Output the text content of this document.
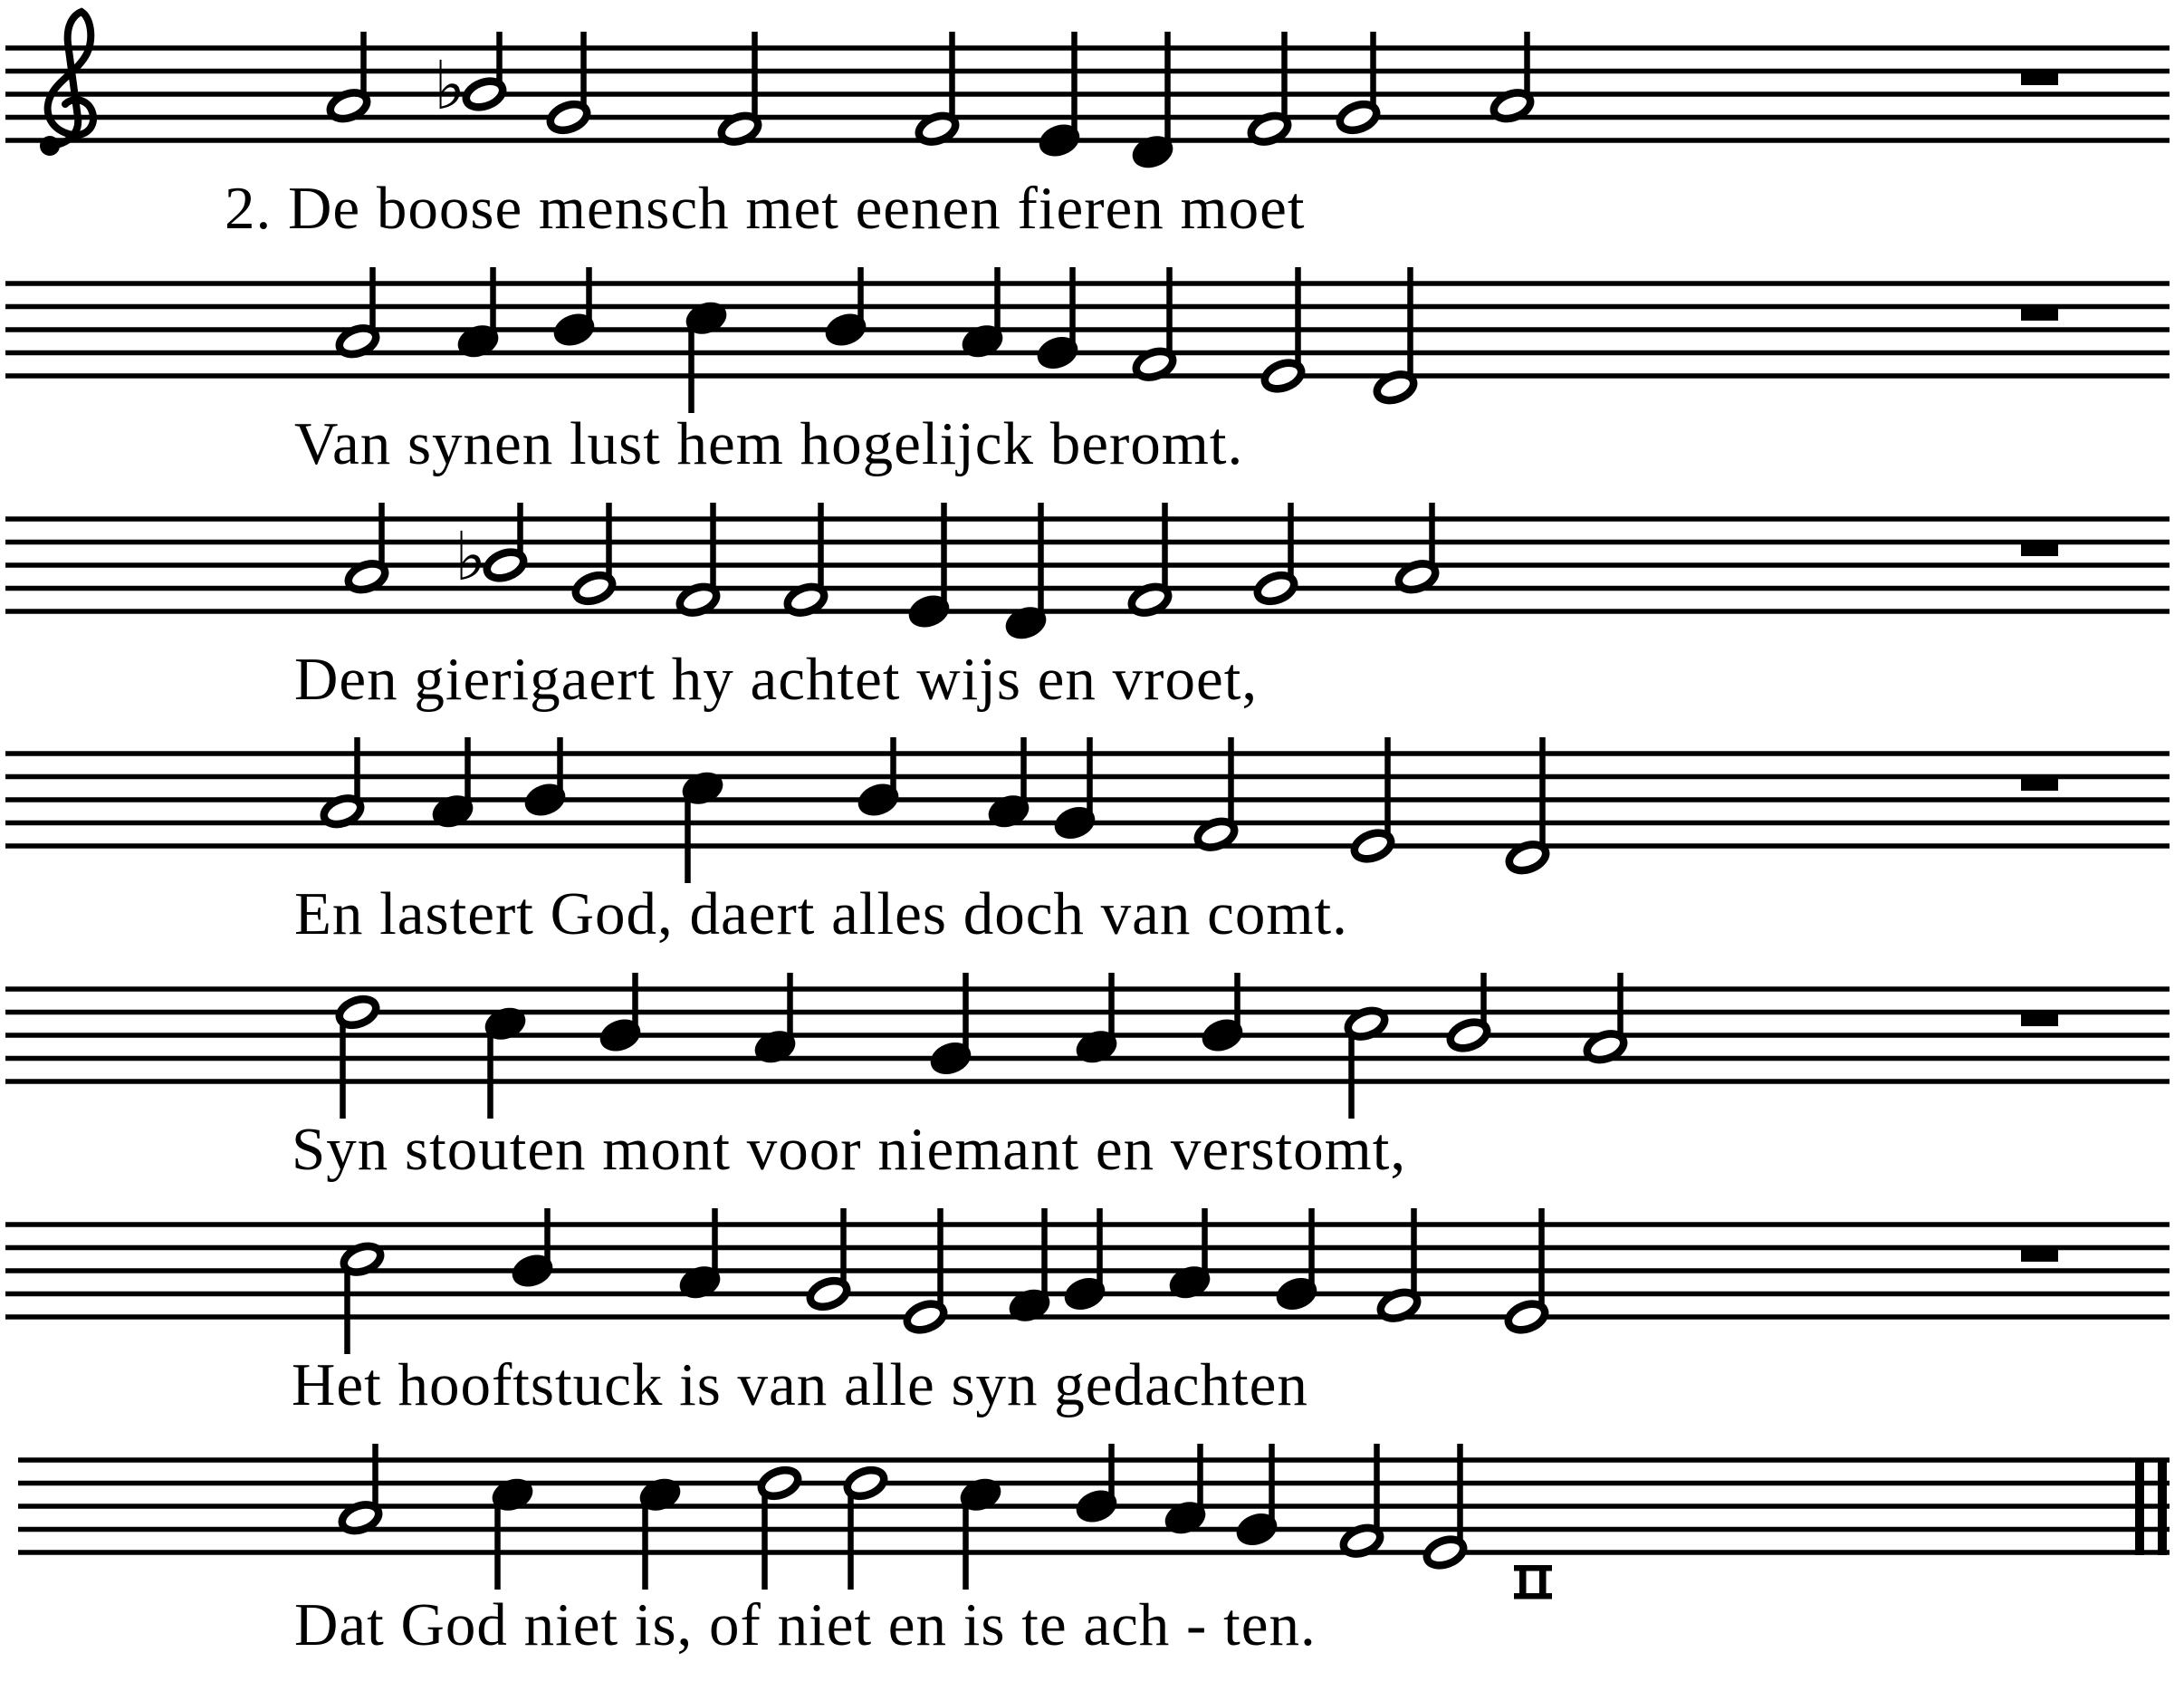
♭
♭
2. De boose mensch met eenen fieren moet
Van synen lust hem hogelijck beromt.
Den gierigaert hy achtet wijs en vroet,
En lastert God, daert alles doch van comt.
Syn stouten mont voor niemant en verstomt,
Het hooftstuck is van alle syn gedachten
Dat God niet is, of niet en is te ach - ten.
